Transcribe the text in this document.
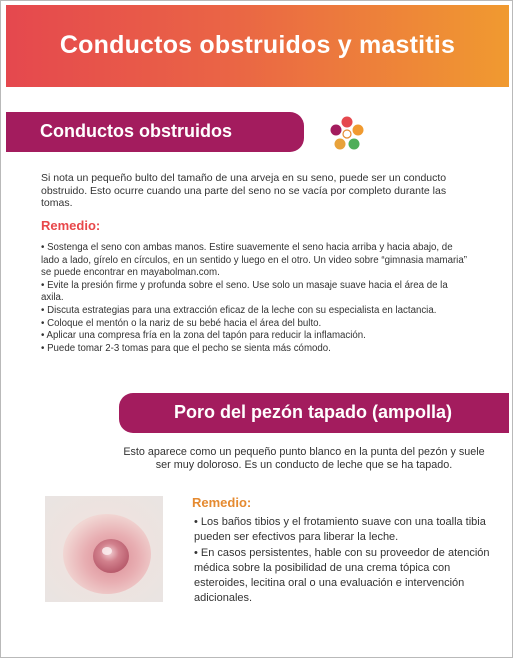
Conductos obstruidos y mastitis
Conductos obstruidos
Si nota un pequeño bulto del tamaño de una arveja en su seno, puede ser un conducto obstruido. Esto ocurre cuando una parte del seno no se vacía por completo durante las tomas.
Remedio:
• Sostenga el seno con ambas manos. Estire suavemente el seno hacia arriba y hacia abajo, de lado a lado, gírelo en círculos, en un sentido y luego en el otro. Un video sobre “gimnasia mamaria” se puede encontrar en mayabolman.com.
• Evite la presión firme y profunda sobre el seno. Use solo un masaje suave hacia el área de la axila.
• Discuta estrategias para una extracción eficaz de la leche con su especialista en lactancia.
• Coloque el mentón o la nariz de su bebé hacia el área del bulto.
• Aplicar una compresa fría en la zona del tapón para reducir la inflamación.
• Puede tomar 2-3 tomas para que el pecho se sienta más cómodo.
Poro del pezón tapado (ampolla)
Esto aparece como un pequeño punto blanco en la punta del pezón y suele ser muy doloroso. Es un conducto de leche que se ha tapado.
Remedio:
• Los baños tibios y el frotamiento suave con una toalla tibia pueden ser efectivos para liberar la leche.
• En casos persistentes, hable con su proveedor de atención médica sobre la posibilidad de una crema tópica con esteroides, lecitina oral o una evaluación e intervención adicionales.
